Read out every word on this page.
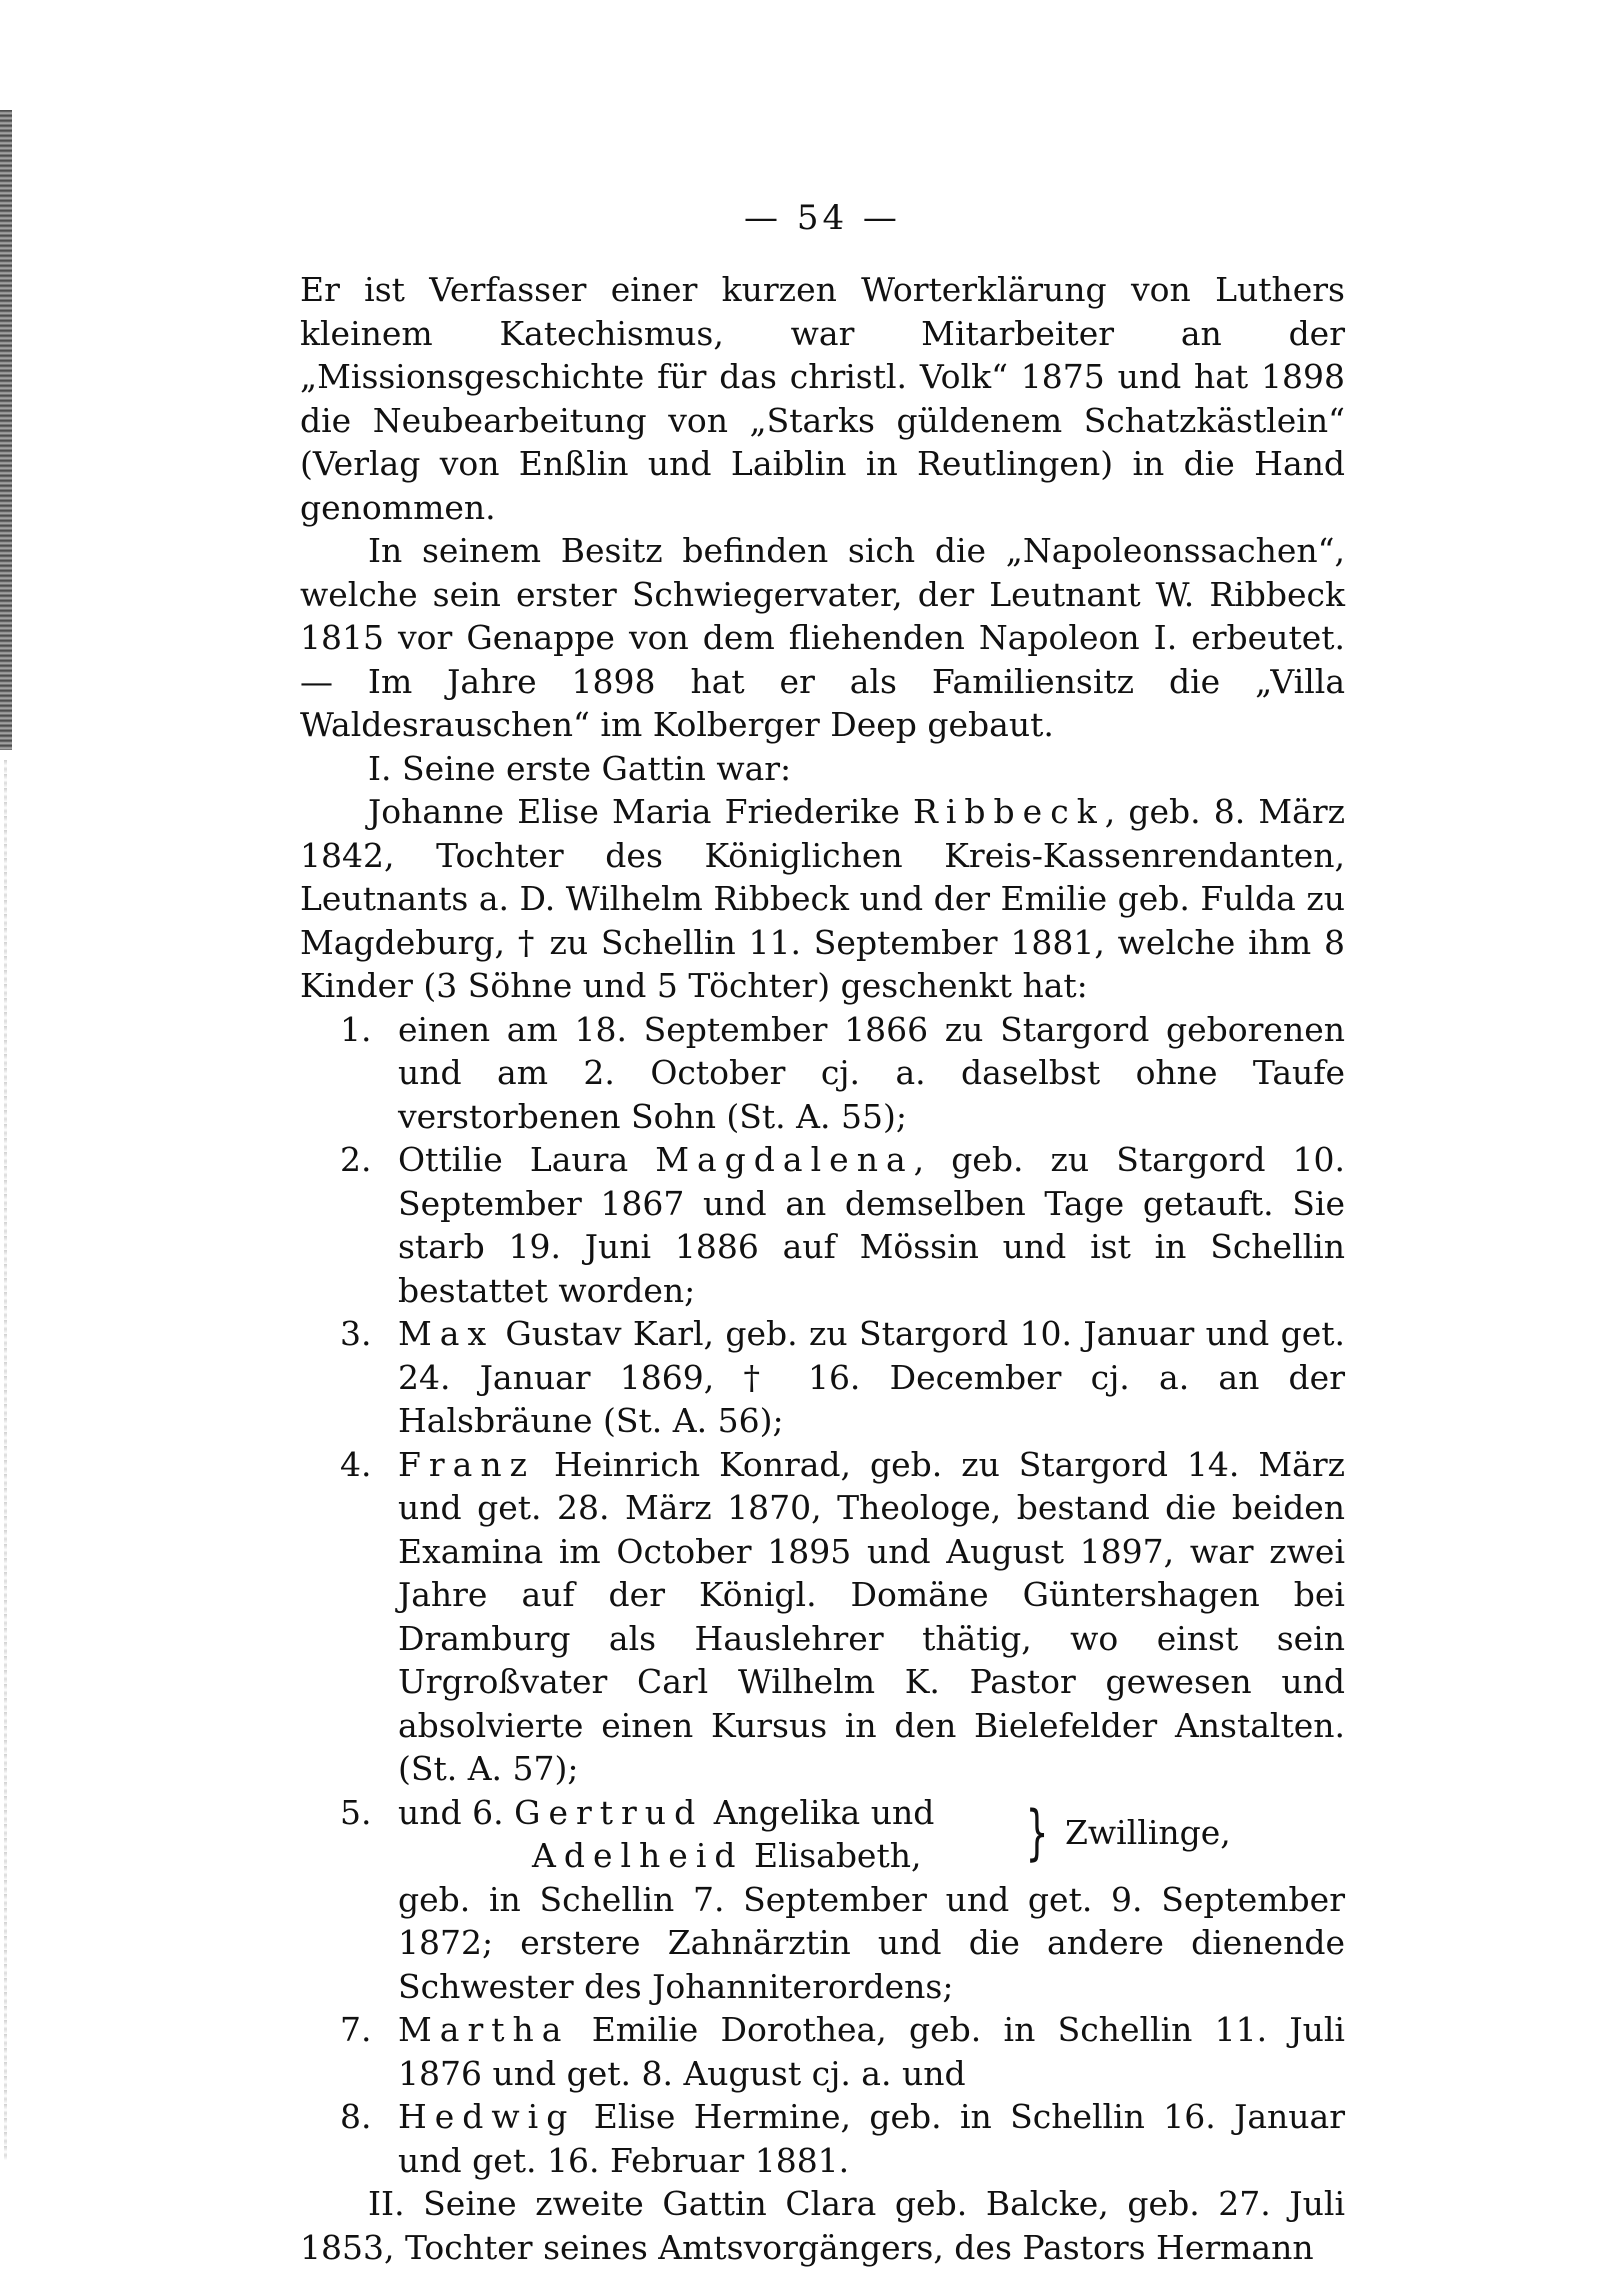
— 54 —

Er ist Verfasser einer kurzen Worterklärung von Luthers kleinem Katechismus, war Mitarbeiter an der „Missionsgeschichte für das christl. Volk“ 1875 und hat 1898 die Neubearbeitung von „Starks güldenem Schatzkästlein“ (Verlag von Enßlin und Laiblin in Reutlingen) in die Hand genommen.

In seinem Besitz befinden sich die „Napoleonssachen“, welche sein erster Schwiegervater, der Leutnant W. Ribbeck 1815 vor Genappe von dem fliehenden Napoleon I. erbeutet. — Im Jahre 1898 hat er als Familiensitz die „Villa Waldesrauschen“ im Kolberger Deep gebaut.

I. Seine erste Gattin war:

Johanne Elise Maria Friederike Ribbeck, geb. 8. März 1842, Tochter des Königlichen Kreis-Kassenrendanten, Leutnants a. D. Wilhelm Ribbeck und der Emilie geb. Fulda zu Magdeburg, † zu Schellin 11. September 1881, welche ihm 8 Kinder (3 Söhne und 5 Töchter) geschenkt hat:

1. einen am 18. September 1866 zu Stargord geborenen und am 2. October cj. a. daselbst ohne Taufe verstorbenen Sohn (St. A. 55);

2. Ottilie Laura Magdalena, geb. zu Stargord 10. September 1867 und an demselben Tage getauft. Sie starb 19. Juni 1886 auf Mössin und ist in Schellin bestattet worden;

3. Max Gustav Karl, geb. zu Stargord 10. Januar und get. 24. Januar 1869, † 16. December cj. a. an der Halsbräune (St. A. 56);

4. Franz Heinrich Konrad, geb. zu Stargord 14. März und get. 28. März 1870, Theologe, bestand die beiden Examina im October 1895 und August 1897, war zwei Jahre auf der Königl. Domäne Güntershagen bei Dramburg als Hauslehrer thätig, wo einst sein Urgroßvater Carl Wilhelm K. Pastor gewesen und absolvierte einen Kursus in den Bielefelder Anstalten. (St. A. 57);

5. und 6. Gertrud Angelika und
Adelheid Elisabeth, } Zwillinge,

geb. in Schellin 7. September und get. 9. September 1872; erstere Zahnärztin und die andere dienende Schwester des Johanniterordens;

7. Martha Emilie Dorothea, geb. in Schellin 11. Juli 1876 und get. 8. August cj. a. und

8. Hedwig Elise Hermine, geb. in Schellin 16. Januar und get. 16. Februar 1881.

II. Seine zweite Gattin Clara geb. Balcke, geb. 27. Juli 1853, Tochter seines Amtsvorgängers, des Pastors Hermann
